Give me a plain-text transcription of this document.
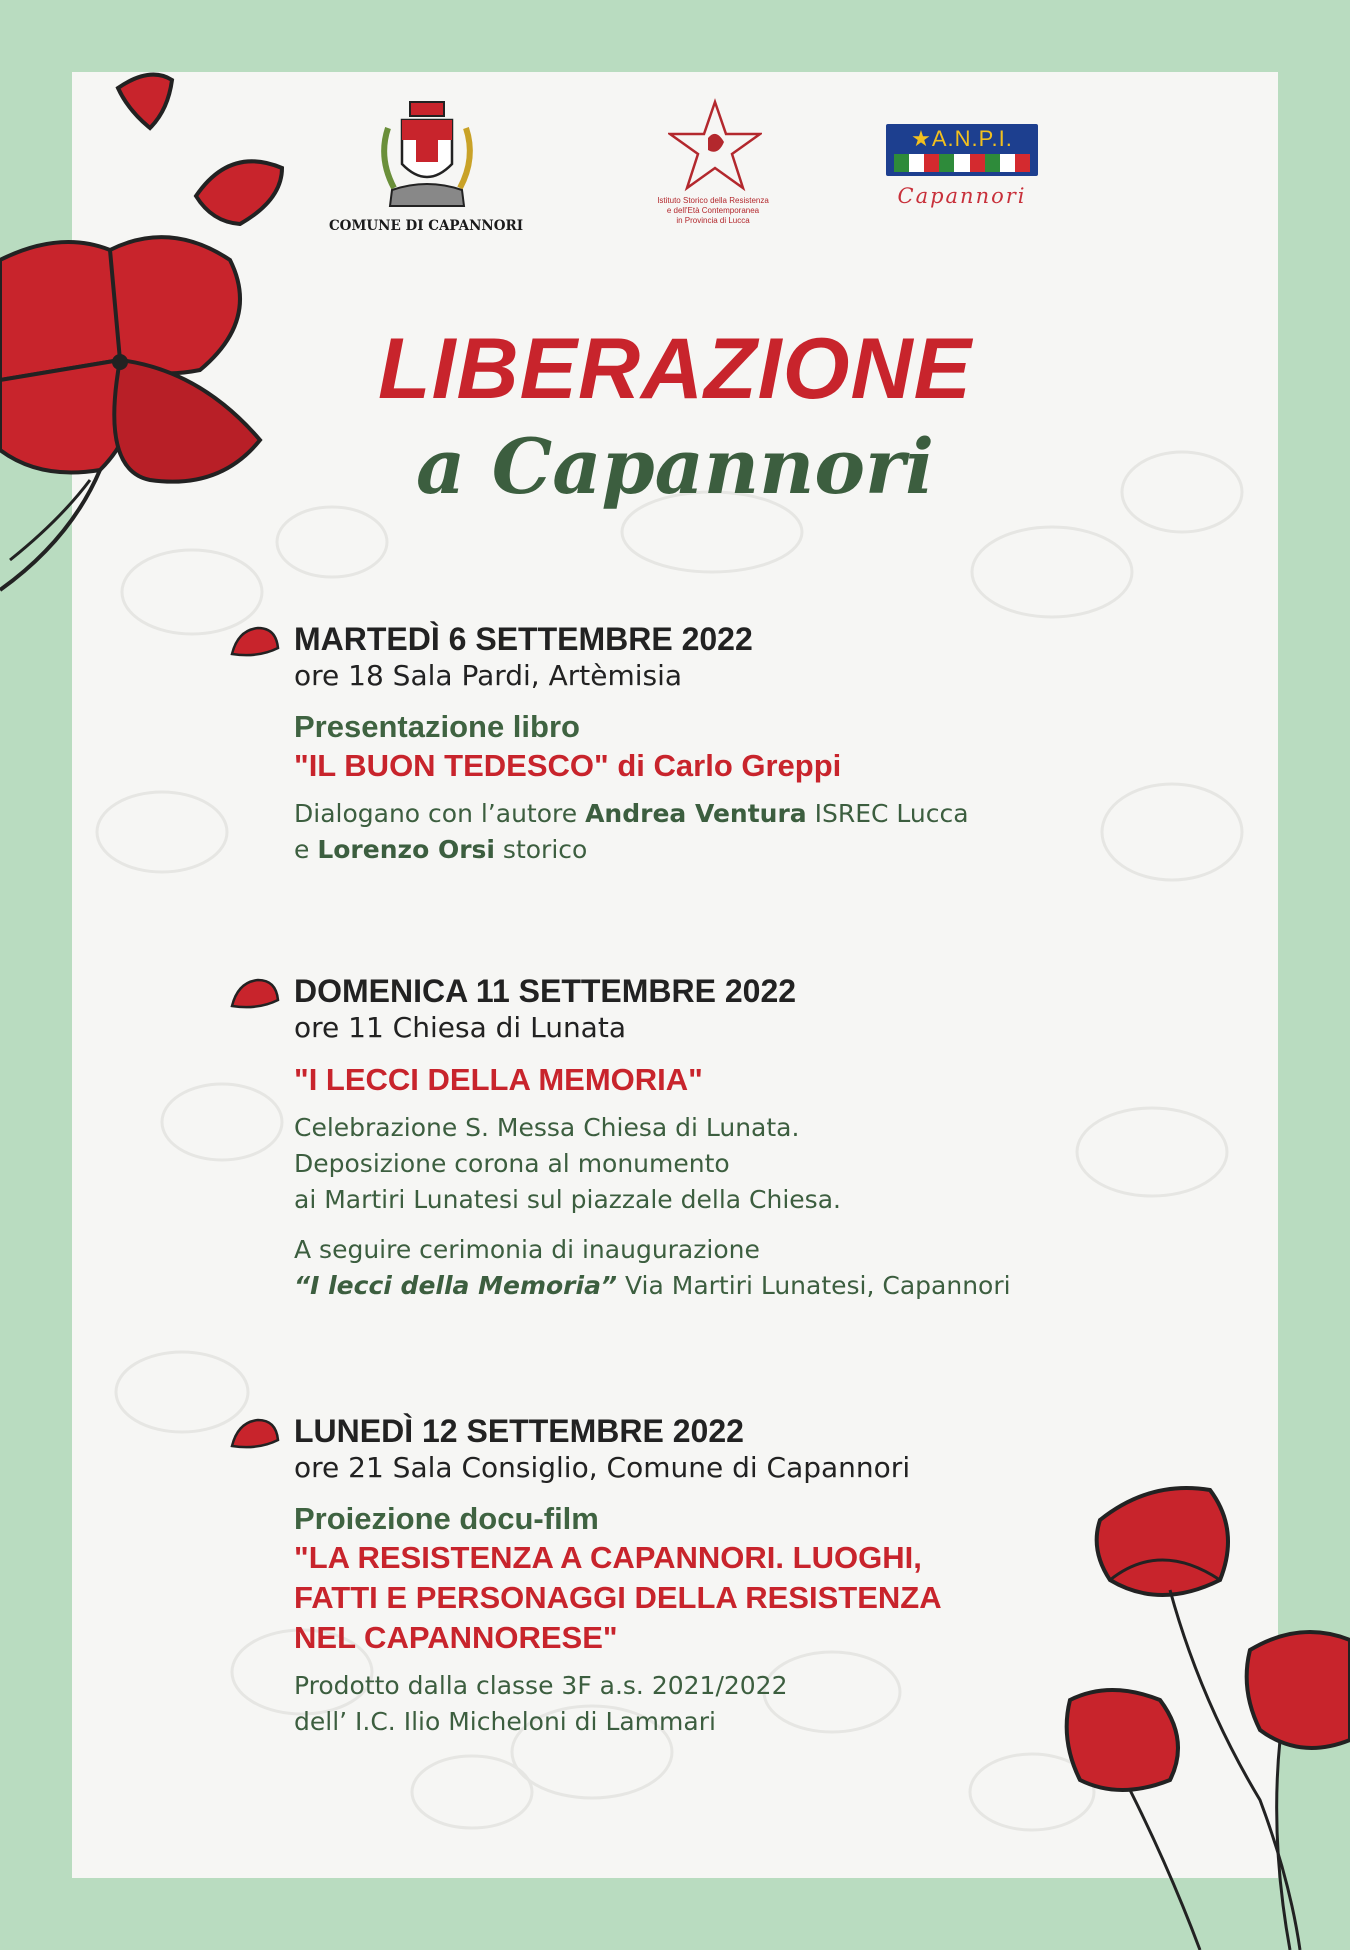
COMUNE DI CAPANNORI
Istituto Storico della Resistenza
e dell'Età Contemporanea
in Provincia di Lucca
★A.N.P.I.
Capannori
LIBERAZIONE
a Capannori
MARTEDÌ 6 SETTEMBRE 2022
ore 18 Sala Pardi, Artèmisia
Presentazione libro
"IL BUON TEDESCO" di Carlo Greppi
Dialogano con l’autore Andrea Ventura ISREC Lucca
e Lorenzo Orsi storico
DOMENICA 11 SETTEMBRE 2022
ore 11 Chiesa di Lunata
"I LECCI DELLA MEMORIA"
Celebrazione S. Messa Chiesa di Lunata.
Deposizione corona al monumento
ai Martiri Lunatesi sul piazzale della Chiesa.
A seguire cerimonia di inaugurazione
“I lecci della Memoria” Via Martiri Lunatesi, Capannori
LUNEDÌ 12 SETTEMBRE 2022
ore 21 Sala Consiglio, Comune di Capannori
Proiezione docu-film
"LA RESISTENZA A CAPANNORI. LUOGHI,
FATTI E PERSONAGGI DELLA RESISTENZA
NEL CAPANNORESE"
Prodotto dalla classe 3F a.s. 2021/2022
dell’ I.C. Ilio Micheloni di Lammari
